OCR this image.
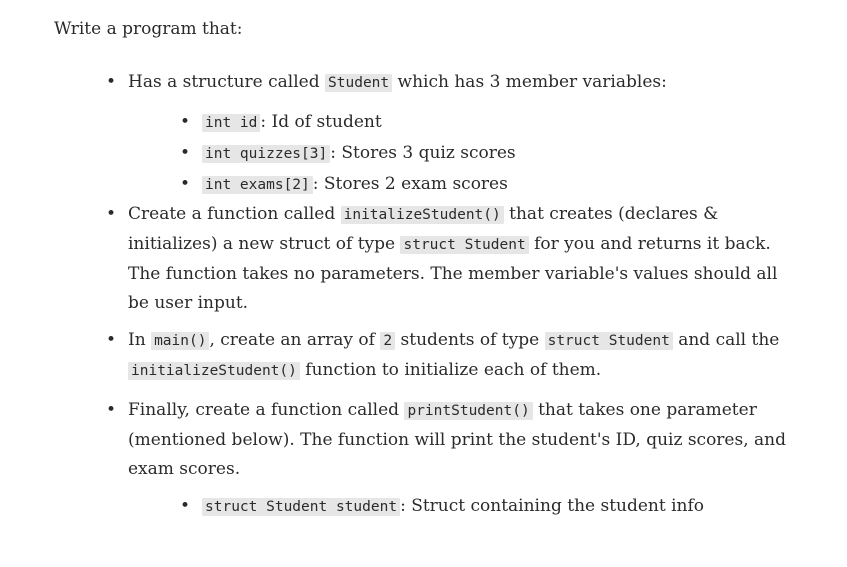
Write a program that:

• Has a structure called Student which has 3 member variables:
• int id : Id of student
• int quizzes[3] : Stores 3 quiz scores
• int exams[2] : Stores 2 exam scores
• Create a function called initalizeStudent() that creates (declares & initializes) a new struct of type struct Student for you and returns it back. The function takes no parameters. The member variable's values should all be user input.
• In main() , create an array of 2 students of type struct Student and call the initializeStudent() function to initialize each of them.
• Finally, create a function called printStudent() that takes one parameter (mentioned below). The function will print the student's ID, quiz scores, and exam scores.
• struct Student student : Struct containing the student info
